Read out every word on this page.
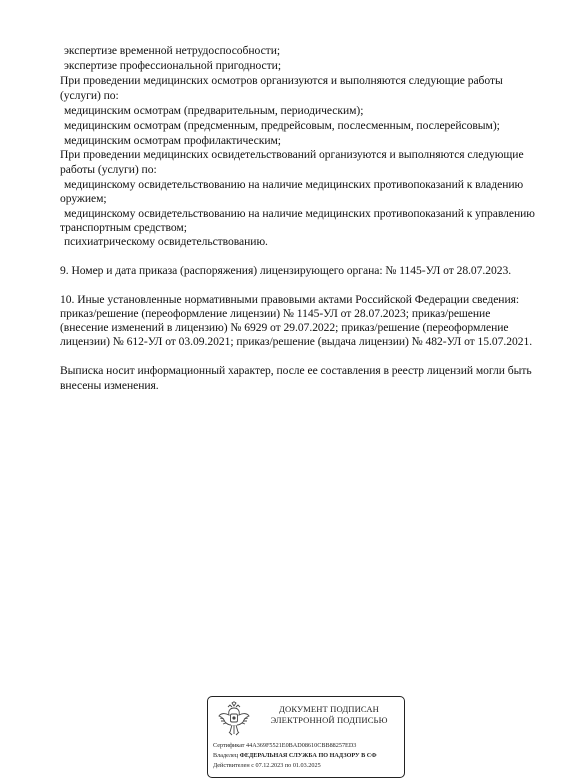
экспертизе временной нетрудоспособности;
экспертизе профессиональной пригодности;
При проведении медицинских осмотров организуются и выполняются следующие работы
(услуги) по:
медицинским осмотрам (предварительным, периодическим);
медицинским осмотрам (предсменным, предрейсовым, послесменным, послерейсовым);
медицинским осмотрам профилактическим;
При проведении медицинских освидетельствований организуются и выполняются следующие
работы (услуги) по:
медицинскому освидетельствованию на наличие медицинских противопоказаний к владению
оружием;
медицинскому освидетельствованию на наличие медицинских противопоказаний к управлению
транспортным средством;
психиатрическому освидетельствованию.
9. Номер и дата приказа (распоряжения) лицензирующего органа: № 1145-УЛ от 28.07.2023.
10. Иные установленные нормативными правовыми актами Российской Федерации сведения:
приказ/решение (переоформление лицензии) № 1145-УЛ от 28.07.2023; приказ/решение
(внесение изменений в лицензию) № 6929 от 29.07.2022; приказ/решение (переоформление
лицензии) № 612-УЛ от 03.09.2021; приказ/решение (выдача лицензии) № 482-УЛ от 15.07.2021.
Выписка носит информационный характер, после ее составления в реестр лицензий могли быть
внесены изменения.
ДОКУМЕНТ ПОДПИСАН
ЭЛЕКТРОННОЙ ПОДПИСЬЮ
Сертификат 44A369F5521E0BAD08610CBB88257ED3
Владелец ФЕДЕРАЛЬНАЯ СЛУЖБА ПО НАДЗОРУ В СФ
Действителен с 07.12.2023 по 01.03.2025
